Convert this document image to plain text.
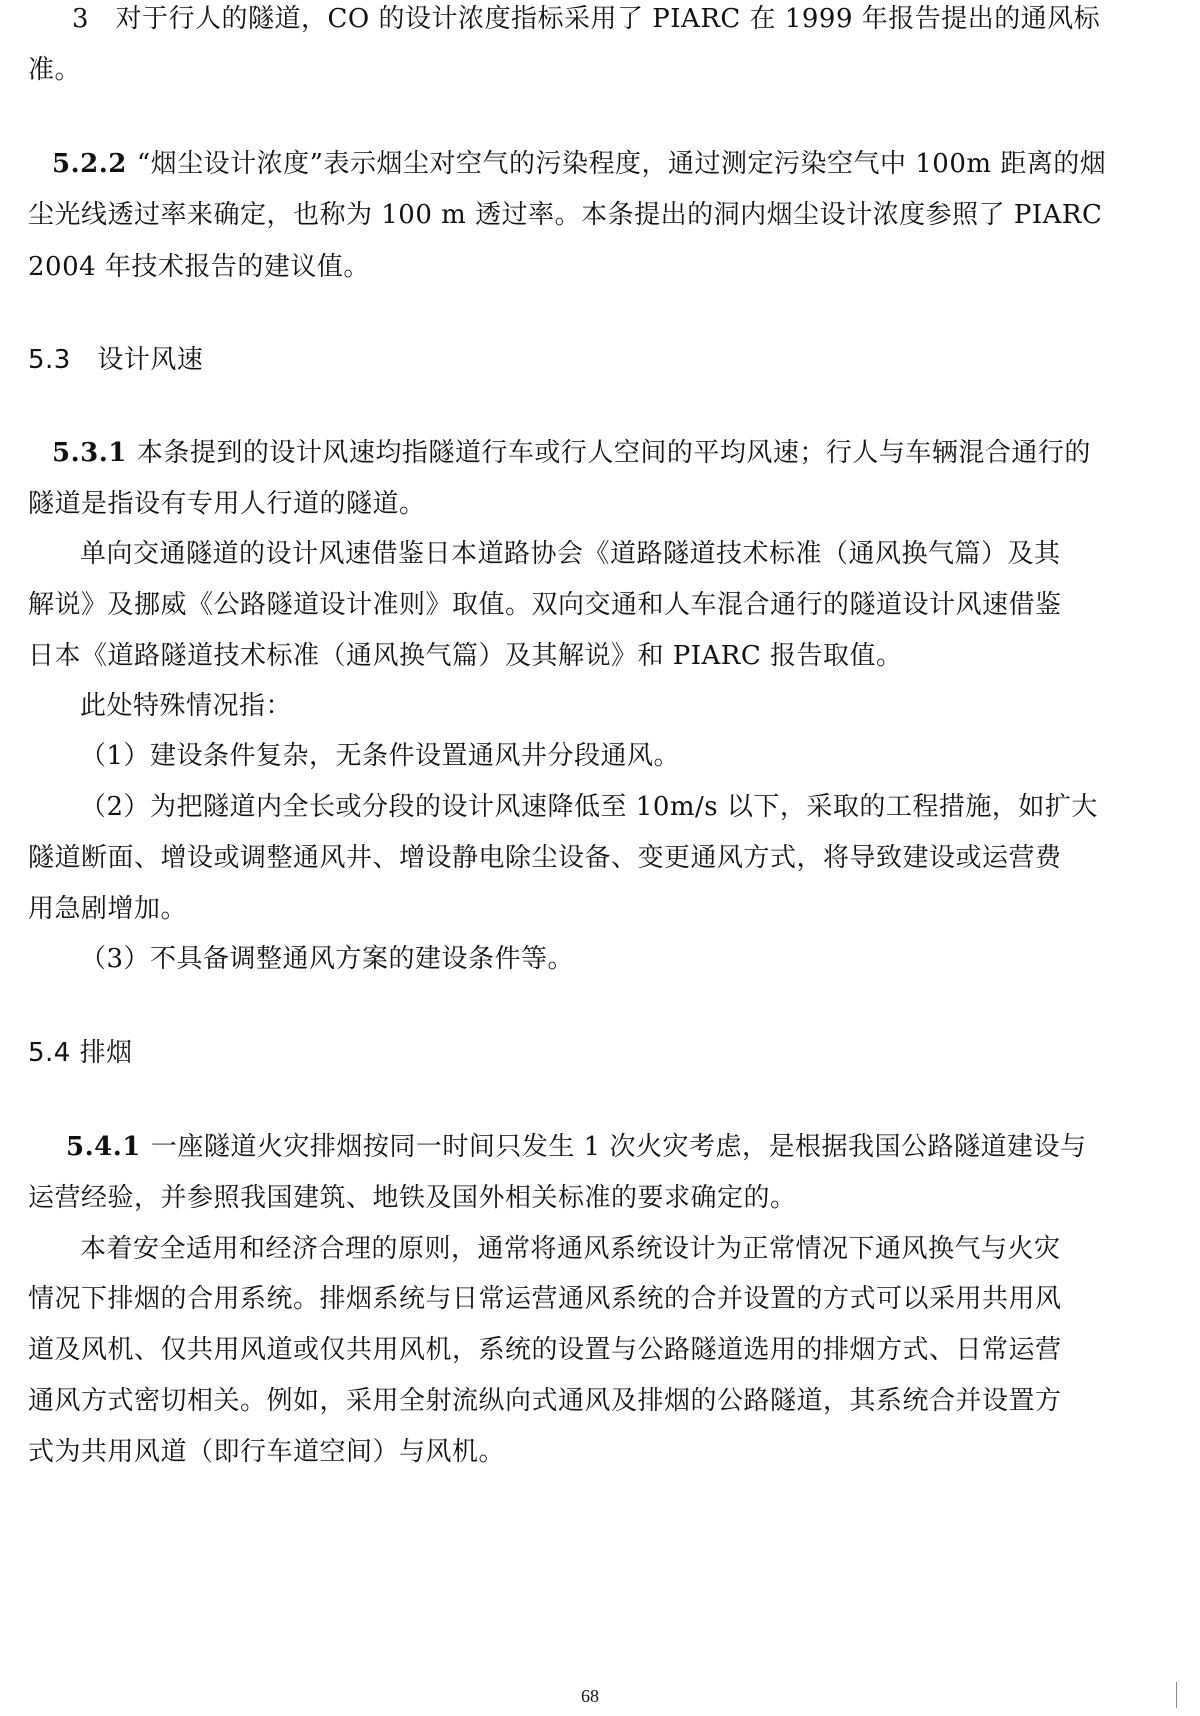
3　对于行人的隧道，CO 的设计浓度指标采用了 PIARC 在 1999 年报告提出的通风标
准。
5.2.2 “烟尘设计浓度”表示烟尘对空气的污染程度，通过测定污染空气中 100m 距离的烟
尘光线透过率来确定，也称为 100 m 透过率。本条提出的洞内烟尘设计浓度参照了 PIARC
2004 年技术报告的建议值。
5.3　设计风速
5.3.1 本条提到的设计风速均指隧道行车或行人空间的平均风速；行人与车辆混合通行的
隧道是指设有专用人行道的隧道。
单向交通隧道的设计风速借鉴日本道路协会《道路隧道技术标准（通风换气篇）及其
解说》及挪威《公路隧道设计准则》取值。双向交通和人车混合通行的隧道设计风速借鉴
日本《道路隧道技术标准（通风换气篇）及其解说》和 PIARC 报告取值。
此处特殊情况指：
（1）建设条件复杂，无条件设置通风井分段通风。
（2）为把隧道内全长或分段的设计风速降低至 10m/s 以下，采取的工程措施，如扩大
隧道断面、增设或调整通风井、增设静电除尘设备、变更通风方式，将导致建设或运营费
用急剧增加。
（3）不具备调整通风方案的建设条件等。
5.4 排烟
5.4.1 一座隧道火灾排烟按同一时间只发生 1 次火灾考虑，是根据我国公路隧道建设与
运营经验，并参照我国建筑、地铁及国外相关标准的要求确定的。
本着安全适用和经济合理的原则，通常将通风系统设计为正常情况下通风换气与火灾
情况下排烟的合用系统。排烟系统与日常运营通风系统的合并设置的方式可以采用共用风
道及风机、仅共用风道或仅共用风机，系统的设置与公路隧道选用的排烟方式、日常运营
通风方式密切相关。例如，采用全射流纵向式通风及排烟的公路隧道，其系统合并设置方
式为共用风道（即行车道空间）与风机。
68
